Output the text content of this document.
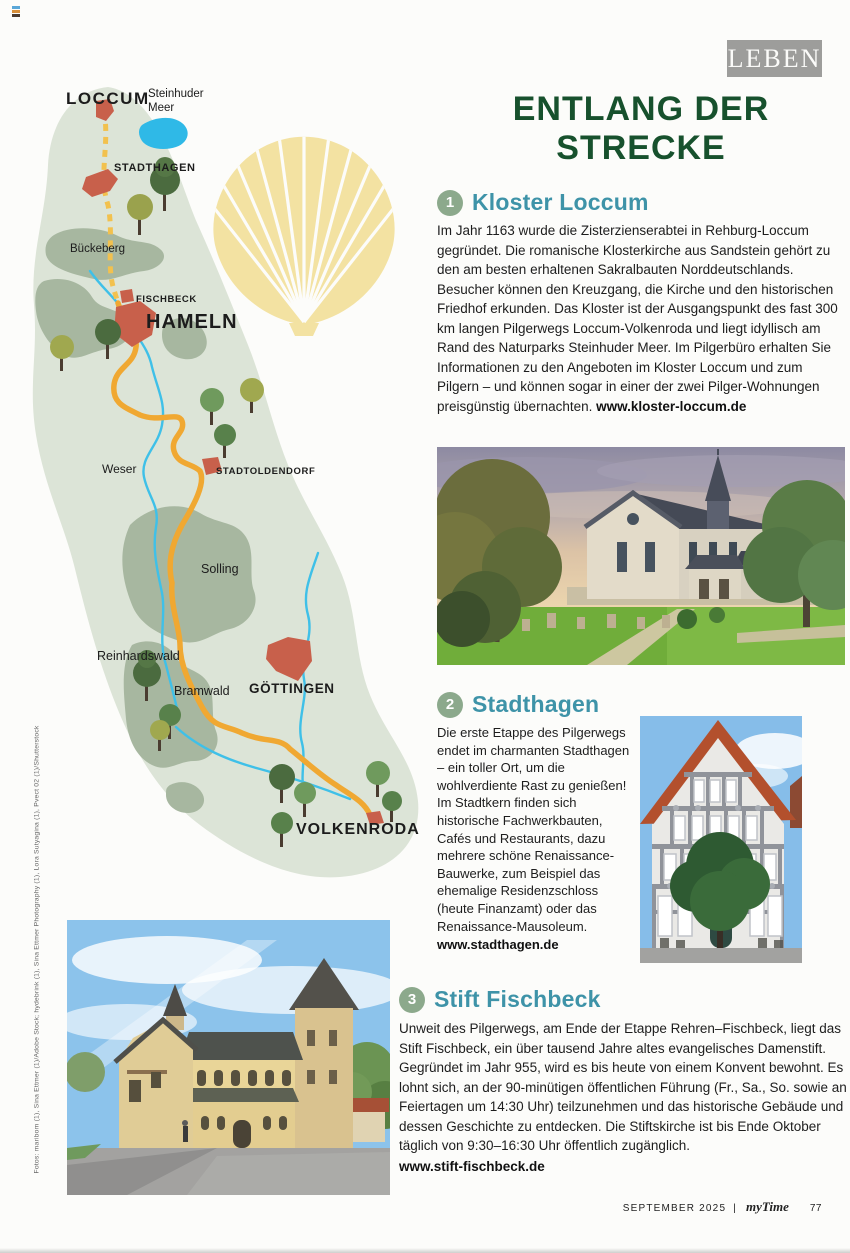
LEBEN
LOCCUM
Steinhuder Meer
STADTHAGEN
Bückeberg
FISCHBECK
HAMELN
Weser	STADTOLDENDORF
Solling
Reinhardswald
Bramwald GÖTTINGEN
VOLKENRODA
ENTLANG DER
STRECKE
1 Kloster Loccum
Im Jahr 1163 wurde die Zisterzienserabtei in Rehburg-Loccum gegründet. Die romanische Klosterkirche aus Sandstein gehört zu den am besten erhaltenen Sakralbauten Norddeutschlands. Besucher können den Kreuzgang, die Kirche und den historischen Friedhof erkunden. Das Kloster ist der Ausgangspunkt des fast 300 km langen Pilgerwegs Loccum-Volkenroda und liegt idyllisch am Rand des Naturparks Steinhuder Meer. Im Pilgerbüro erhalten Sie Informationen zu den Angeboten im Kloster Loccum und zum Pilgern – und können sogar in einer der zwei Pilger-Wohnungen preisgünstig übernachten. www.kloster-loccum.de
2 Stadthagen
Die erste Etappe des Pilgerwegs endet im charmanten Stadthagen – ein toller Ort, um die wohlverdiente Rast zu genießen! Im Stadtkern finden sich historische Fachwerkbauten, Cafés und Restaurants, dazu mehrere schöne Renaissance-Bauwerke, zum Beispiel das ehemalige Residenzschloss (heute Finanzamt) oder das Renaissance-Mausoleum.
www.stadthagen.de
3 Stift Fischbeck
Unweit des Pilgerwegs, am Ende der Etappe Rehren–Fischbeck, liegt das Stift Fischbeck, ein über tausend Jahre altes evangelisches Damenstift. Gegründet im Jahr 955, wird es bis heute von einem Konvent bewohnt. Es lohnt sich, an der 90-minütigen öffentlichen Führung (Fr., Sa., So. sowie an Feiertagen um 14:30 Uhr) teilzunehmen und das historische Gebäude und dessen Geschichte zu entdecken. Die Stiftskirche ist bis Ende Oktober täglich von 9:30–16:30 Uhr öffentlich zugänglich.
www.stift-fischbeck.de
SEPTEMBER 2025 | myTime 77
Fotos: maribom (1), Sina Ettmer (1)/Adobe Stock; hydebrink (1), Sina Ettmer Photography (1), Lora Sutyagina (1), Pvect 02 (1)/Shutterstock
